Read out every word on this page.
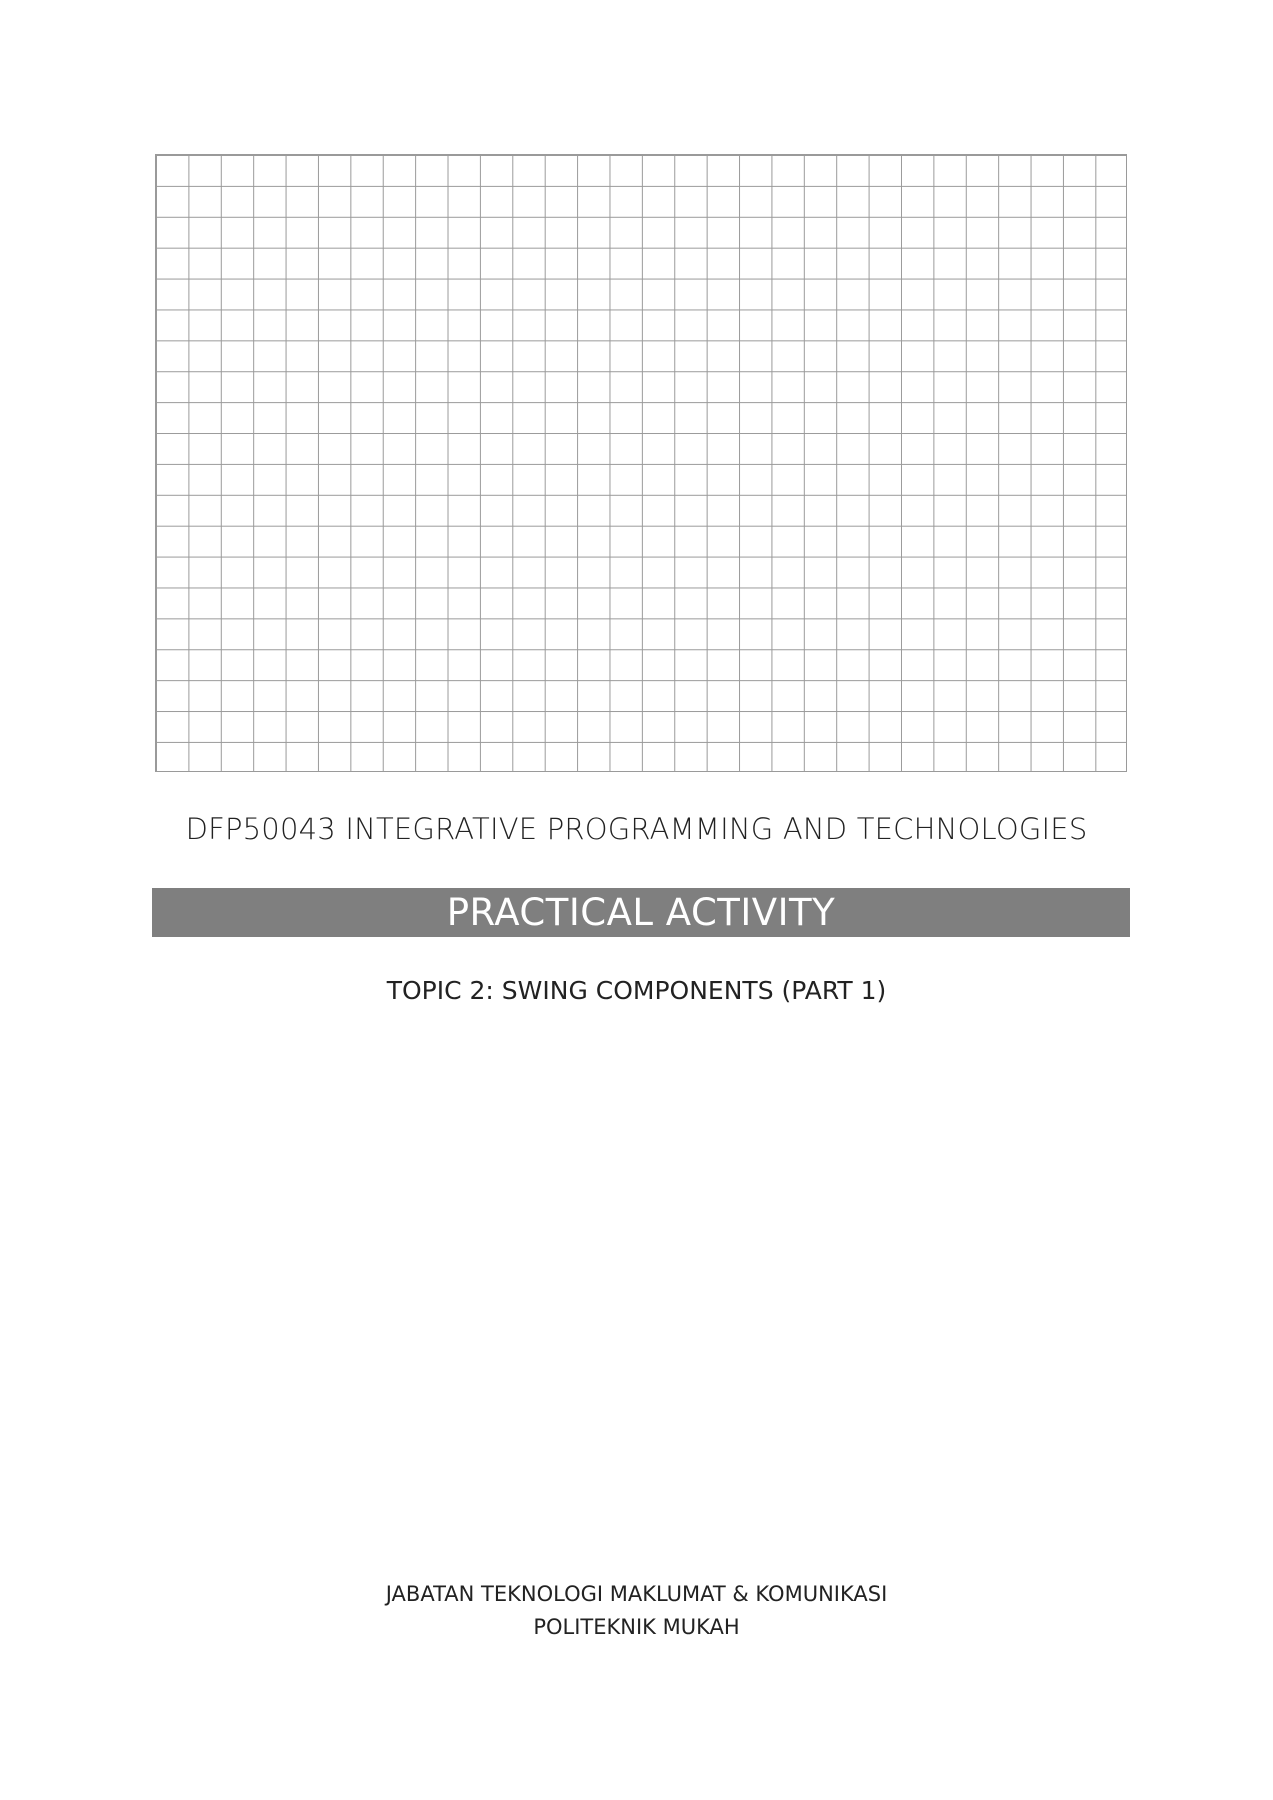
DFP50043 INTEGRATIVE PROGRAMMING AND TECHNOLOGIES
PRACTICAL ACTIVITY

TOPIC 2: SWING COMPONENTS (PART 1)

JABATAN TEKNOLOGI MAKLUMAT & KOMUNIKASI
POLITEKNIK MUKAH
